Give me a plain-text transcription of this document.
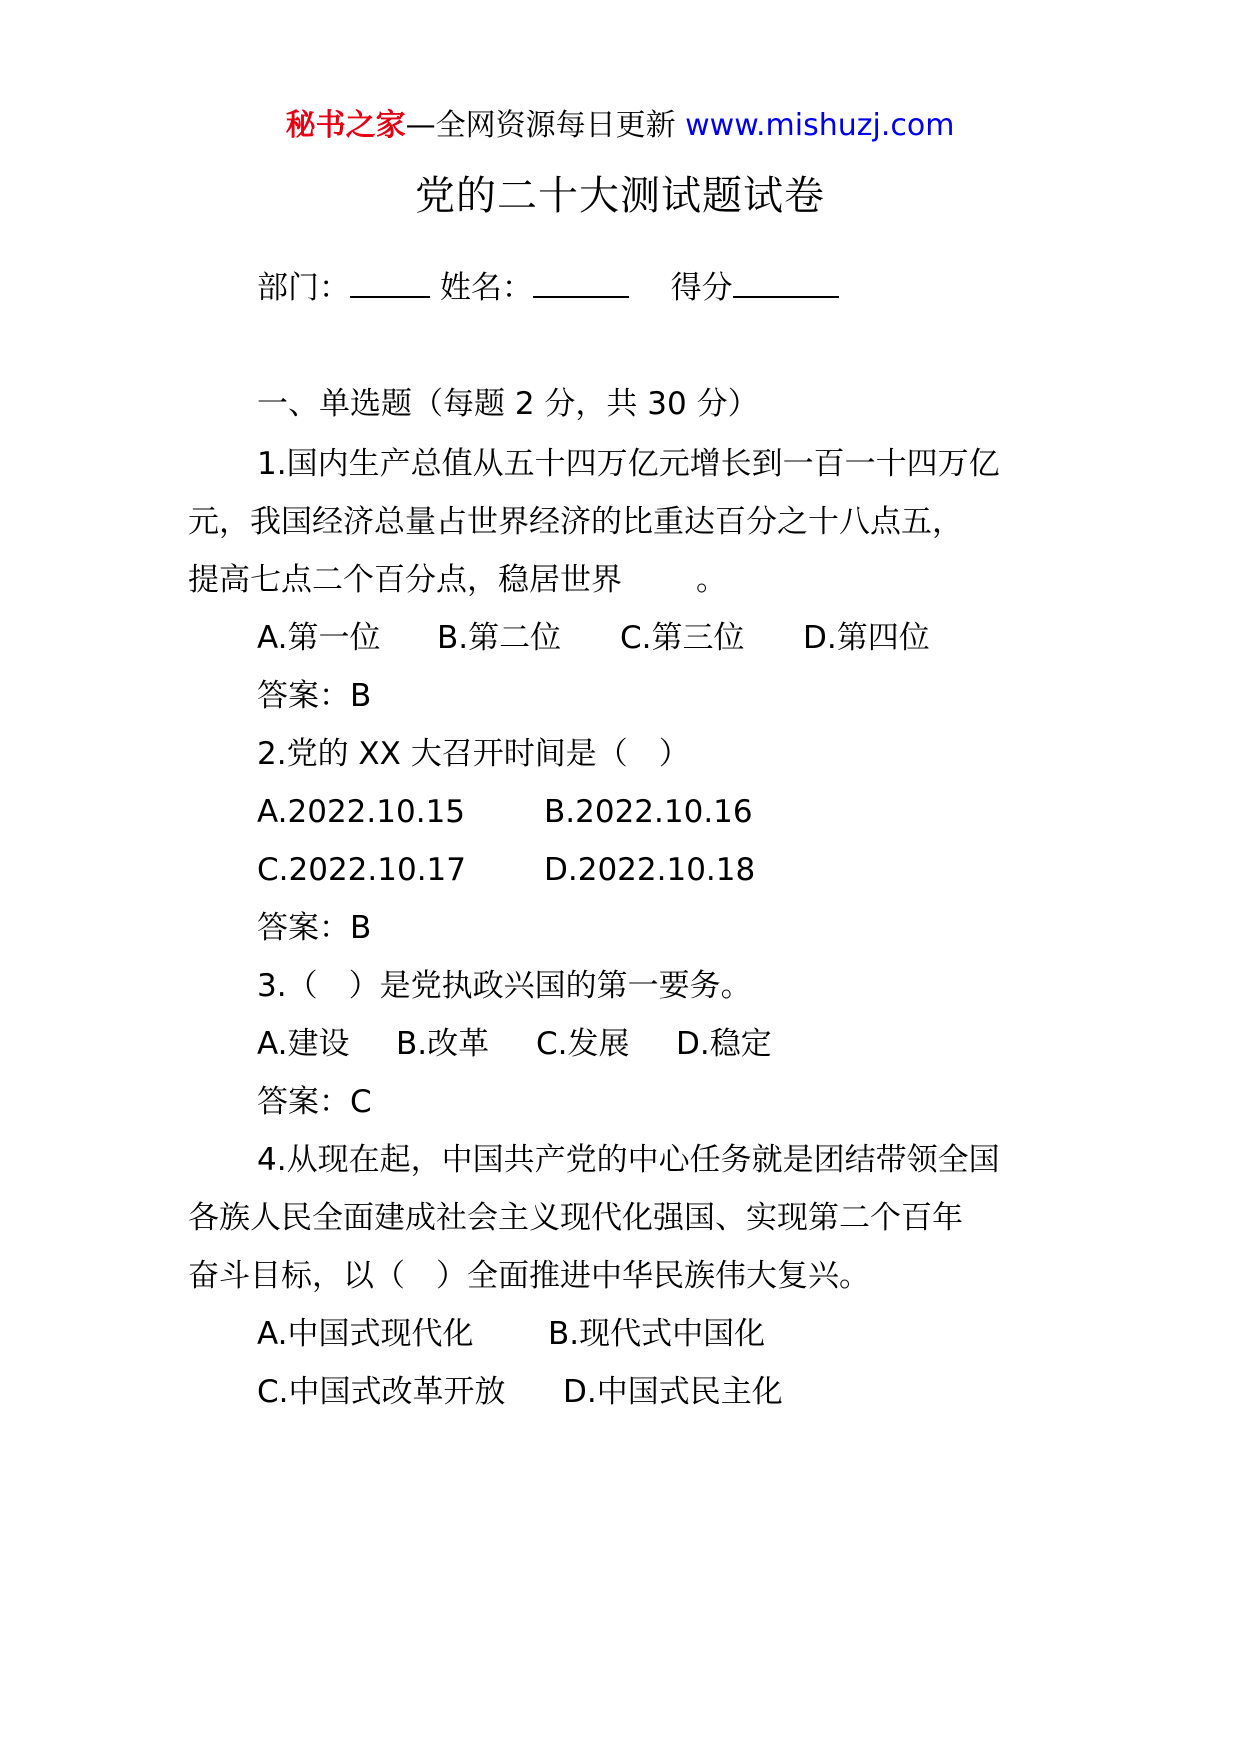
秘书之家—全网资源每日更新 www.mishuzj.com
党的二十大测试题试卷
部门：	姓名：	得分
一、单选题（每题 2 分，共 30 分）
1.国内生产总值从五十四万亿元增长到一百一十四万亿
元，我国经济总量占世界经济的比重达百分之十八点五，
提高七点二个百分点，稳居世界 。
A.第一位 B.第二位 C.第三位 D.第四位
答案：B
2.党的 XX 大召开时间是（　）
A.2022.10.15	B.2022.10.16
C.2022.10.17	D.2022.10.18
答案：B
3.（　）是党执政兴国的第一要务。
A.建设 B.改革 C.发展 D.稳定
答案：C
4.从现在起，中国共产党的中心任务就是团结带领全国
各族人民全面建成社会主义现代化强国、实现第二个百年
奋斗目标，以（　）全面推进中华民族伟大复兴。
A.中国式现代化 B.现代式中国化
C.中国式改革开放 D.中国式民主化
